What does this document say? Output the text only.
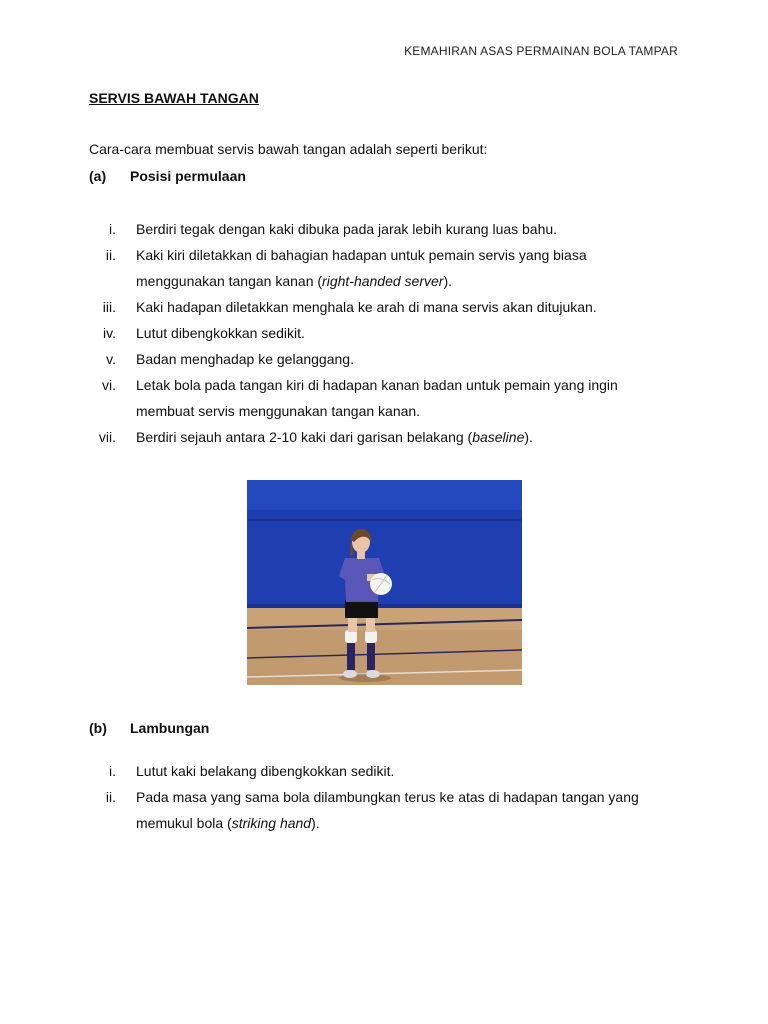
KEMAHIRAN ASAS PERMAINAN BOLA TAMPAR
SERVIS BAWAH TANGAN

Cara-cara membuat servis bawah tangan adalah seperti berikut:

(a) Posisi permulaan

i. Berdiri tegak dengan kaki dibuka pada jarak lebih kurang luas bahu.
ii. Kaki kiri diletakkan di bahagian hadapan untuk pemain servis yang biasa menggunakan tangan kanan (right-handed server).
iii. Kaki hadapan diletakkan menghala ke arah di mana servis akan ditujukan.
iv. Lutut dibengkokkan sedikit.
v. Badan menghadap ke gelanggang.
vi. Letak bola pada tangan kiri di hadapan kanan badan untuk pemain yang ingin membuat servis menggunakan tangan kanan.
vii. Berdiri sejauh antara 2-10 kaki dari garisan belakang (baseline).

(b) Lambungan

i. Lutut kaki belakang dibengkokkan sedikit.
ii. Pada masa yang sama bola dilambungkan terus ke atas di hadapan tangan yang memukul bola (striking hand).
